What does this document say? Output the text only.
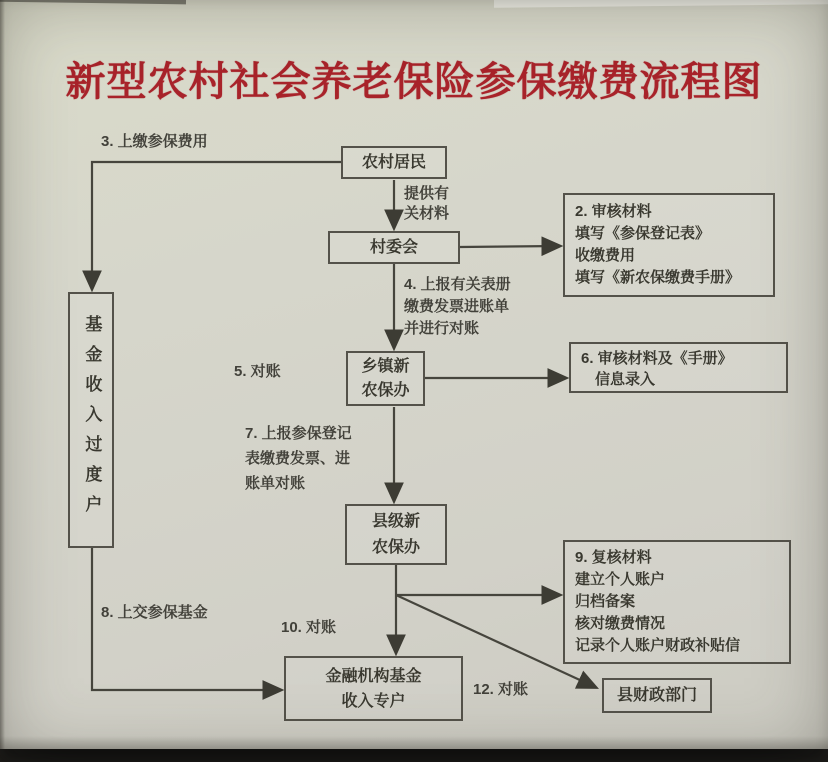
新型农村社会养老保险参保缴费流程图
农村居民
村委会
2. 审核材料
填写《参保登记表》
收缴费用
填写《新农保缴费手册》
乡镇新
农保办
6. 审核材料及《手册》
信息录入
县级新
农保办
9. 复核材料
建立个人账户
归档备案
核对缴费情况
记录个人账户财政补贴信
基金收入过度户
金融机构基金
收入专户	县财政部门
3. 上缴参保费用
提供有
关材料
4. 上报有关表册
缴费发票进账单
并进行对账
5. 对账
7. 上报参保登记
表缴费发票、进
账单对账
8. 上交参保基金
10. 对账
12. 对账
